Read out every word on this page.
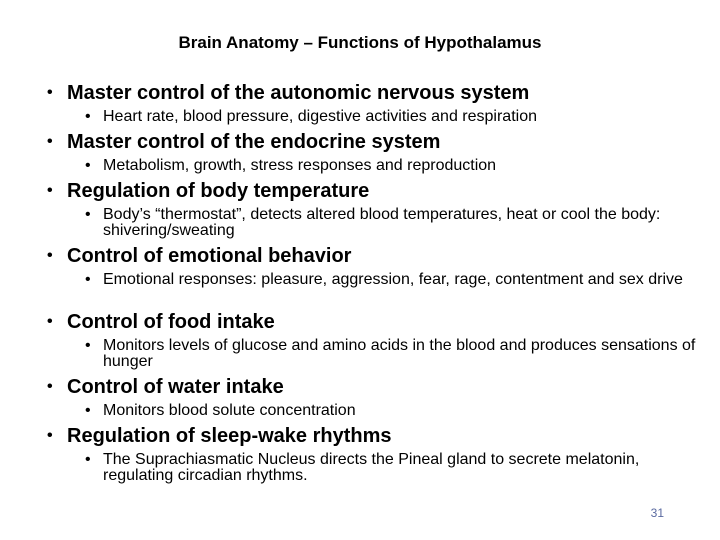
Brain Anatomy – Functions of Hypothalamus
• Master control of the autonomic nervous system
• Heart rate, blood pressure, digestive activities and respiration
• Master control of the endocrine system
• Metabolism, growth, stress responses and reproduction
• Regulation of body temperature
• Body’s “thermostat”, detects altered blood temperatures, heat or cool the body: shivering/sweating
• Control of emotional behavior
• Emotional responses: pleasure, aggression, fear, rage, contentment and sex drive
• Control of food intake
• Monitors levels of glucose and amino acids in the blood and produces sensations of hunger
• Control of water intake
• Monitors blood solute concentration
• Regulation of sleep-wake rhythms
• The Suprachiasmatic Nucleus directs the Pineal gland to secrete melatonin, regulating circadian rhythms.
31
